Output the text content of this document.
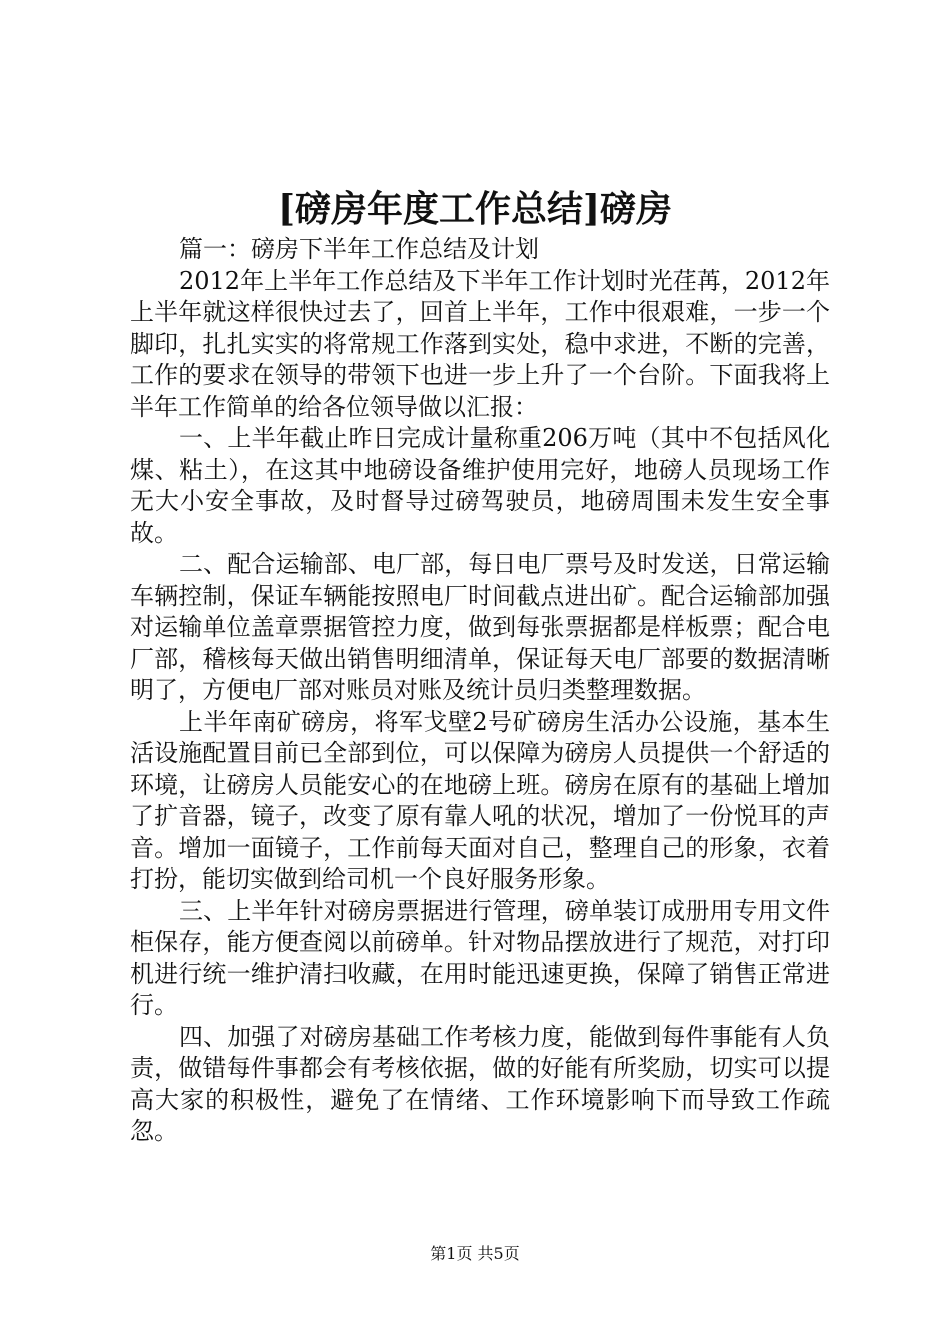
[磅房年度工作总结]磅房

篇一：磅房下半年工作总结及计划

2012年上半年工作总结及下半年工作计划时光荏苒，2012年上半年就这样很快过去了，回首上半年，工作中很艰难，一步一个脚印，扎扎实实的将常规工作落到实处，稳中求进，不断的完善，工作的要求在领导的带领下也进一步上升了一个台阶。下面我将上半年工作简单的给各位领导做以汇报：

一、上半年截止昨日完成计量称重206万吨（其中不包括风化煤、粘土），在这其中地磅设备维护使用完好，地磅人员现场工作无大小安全事故，及时督导过磅驾驶员，地磅周围未发生安全事故。

二、配合运输部、电厂部，每日电厂票号及时发送，日常运输车辆控制，保证车辆能按照电厂时间截点进出矿。配合运输部加强对运输单位盖章票据管控力度，做到每张票据都是样板票；配合电厂部，稽核每天做出销售明细清单，保证每天电厂部要的数据清晰明了，方便电厂部对账员对账及统计员归类整理数据。

上半年南矿磅房，将军戈壁2号矿磅房生活办公设施，基本生活设施配置目前已全部到位，可以保障为磅房人员提供一个舒适的环境，让磅房人员能安心的在地磅上班。磅房在原有的基础上增加了扩音器，镜子，改变了原有靠人吼的状况，增加了一份悦耳的声音。增加一面镜子，工作前每天面对自己，整理自己的形象，衣着打扮，能切实做到给司机一个良好服务形象。

三、上半年针对磅房票据进行管理，磅单装订成册用专用文件柜保存，能方便查阅以前磅单。针对物品摆放进行了规范，对打印机进行统一维护清扫收藏，在用时能迅速更换，保障了销售正常进行。

四、加强了对磅房基础工作考核力度，能做到每件事能有人负责，做错每件事都会有考核依据，做的好能有所奖励，切实可以提高大家的积极性，避免了在情绪、工作环境影响下而导致工作疏忽。

第1页 共5页
